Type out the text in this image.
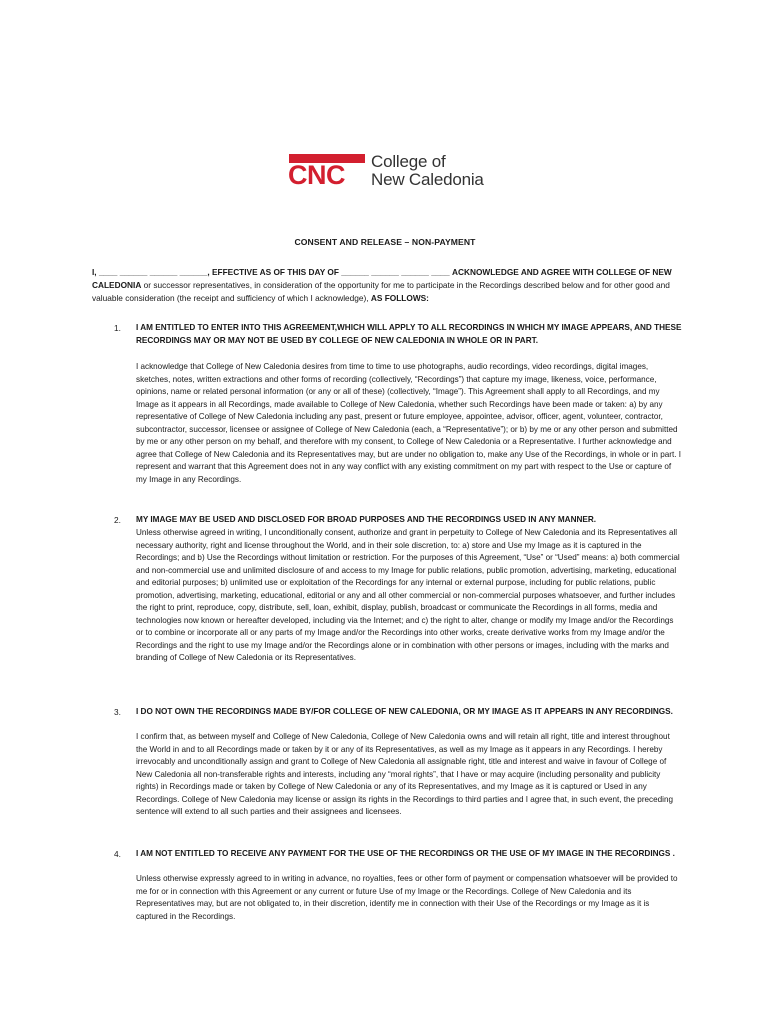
CNC College of
New Caledonia
CONSENT AND RELEASE – NON-PAYMENT
I, ____ ______ ______ ______, EFFECTIVE AS OF THIS DAY OF ______ ______ ______ ____ ACKNOWLEDGE AND AGREE WITH COLLEGE OF NEW CALEDONIA or successor representatives, in consideration of the opportunity for me to participate in the Recordings described below and for other good and valuable consideration (the receipt and sufficiency of which I acknowledge), AS FOLLOWS:
1. I AM ENTITLED TO ENTER INTO THIS AGREEMENT,WHICH WILL APPLY TO ALL RECORDINGS IN WHICH MY IMAGE APPEARS, AND THESE RECORDINGS MAY OR MAY NOT BE USED BY COLLEGE OF NEW CALEDONIA IN WHOLE OR IN PART.
I acknowledge that College of New Caledonia desires from time to time to use photographs, audio recordings, video recordings, digital images, sketches, notes, written extractions and other forms of recording (collectively, “Recordings”) that capture my image, likeness, voice, performance, opinions, name or related personal information (or any or all of these) (collectively, “Image”). This Agreement shall apply to all Recordings, and my Image as it appears in all Recordings, made available to College of New Caledonia, whether such Recordings have been made or taken: a) by any representative of College of New Caledonia including any past, present or future employee, appointee, advisor, officer, agent, volunteer, contractor, subcontractor, successor, licensee or assignee of College of New Caledonia (each, a “Representative”); or b) by me or any other person and submitted by me or any other person on my behalf, and therefore with my consent, to College of New Caledonia or a Representative. I further acknowledge and agree that College of New Caledonia and its Representatives may, but are under no obligation to, make any Use of the Recordings, in whole or in part. I represent and warrant that this Agreement does not in any way conflict with any existing commitment on my part with respect to the Use or capture of my Image in any Recordings.
2. MY IMAGE MAY BE USED AND DISCLOSED FOR BROAD PURPOSES AND THE RECORDINGS USED IN ANY MANNER.
Unless otherwise agreed in writing, I unconditionally consent, authorize and grant in perpetuity to College of New Caledonia and its Representatives all necessary authority, right and license throughout the World, and in their sole discretion, to: a) store and Use my Image as it is captured in the Recordings; and b) Use the Recordings without limitation or restriction. For the purposes of this Agreement, “Use” or “Used” means: a) both commercial and non-commercial use and unlimited disclosure of and access to my Image for public relations, public promotion, advertising, marketing, educational and editorial purposes; b) unlimited use or exploitation of the Recordings for any internal or external purpose, including for public relations, public promotion, advertising, marketing, educational, editorial or any and all other commercial or non-commercial purposes whatsoever, and further includes the right to print, reproduce, copy, distribute, sell, loan, exhibit, display, publish, broadcast or communicate the Recordings in all forms, media and technologies now known or hereafter developed, including via the Internet; and c) the right to alter, change or modify my Image and/or the Recordings or to combine or incorporate all or any parts of my Image and/or the Recordings into other works, create derivative works from my Image and/or the Recordings and the right to use my Image and/or the Recordings alone or in combination with other persons or images, including with the marks and branding of College of New Caledonia or its Representatives.
3. I DO NOT OWN THE RECORDINGS MADE BY/FOR COLLEGE OF NEW CALEDONIA, OR MY IMAGE AS IT APPEARS IN ANY RECORDINGS.
I confirm that, as between myself and College of New Caledonia, College of New Caledonia owns and will retain all right, title and interest throughout the World in and to all Recordings made or taken by it or any of its Representatives, as well as my Image as it appears in any Recordings. I hereby irrevocably and unconditionally assign and grant to College of New Caledonia all assignable right, title and interest and waive in favour of College of New Caledonia all non-transferable rights and interests, including any “moral rights”, that I have or may acquire (including personality and publicity rights) in Recordings made or taken by College of New Caledonia or any of its Representatives, and my Image as it is captured or Used in any Recordings. College of New Caledonia may license or assign its rights in the Recordings to third parties and I agree that, in such event, the preceding sentence will extend to all such parties and their assignees and licensees.
4. I AM NOT ENTITLED TO RECEIVE ANY PAYMENT FOR THE USE OF THE RECORDINGS OR THE USE OF MY IMAGE IN THE RECORDINGS .
Unless otherwise expressly agreed to in writing in advance, no royalties, fees or other form of payment or compensation whatsoever will be provided to me for or in connection with this Agreement or any current or future Use of my Image or the Recordings. College of New Caledonia and its Representatives may, but are not obligated to, in their discretion, identify me in connection with their Use of the Recordings or my Image as it is captured in the Recordings.
